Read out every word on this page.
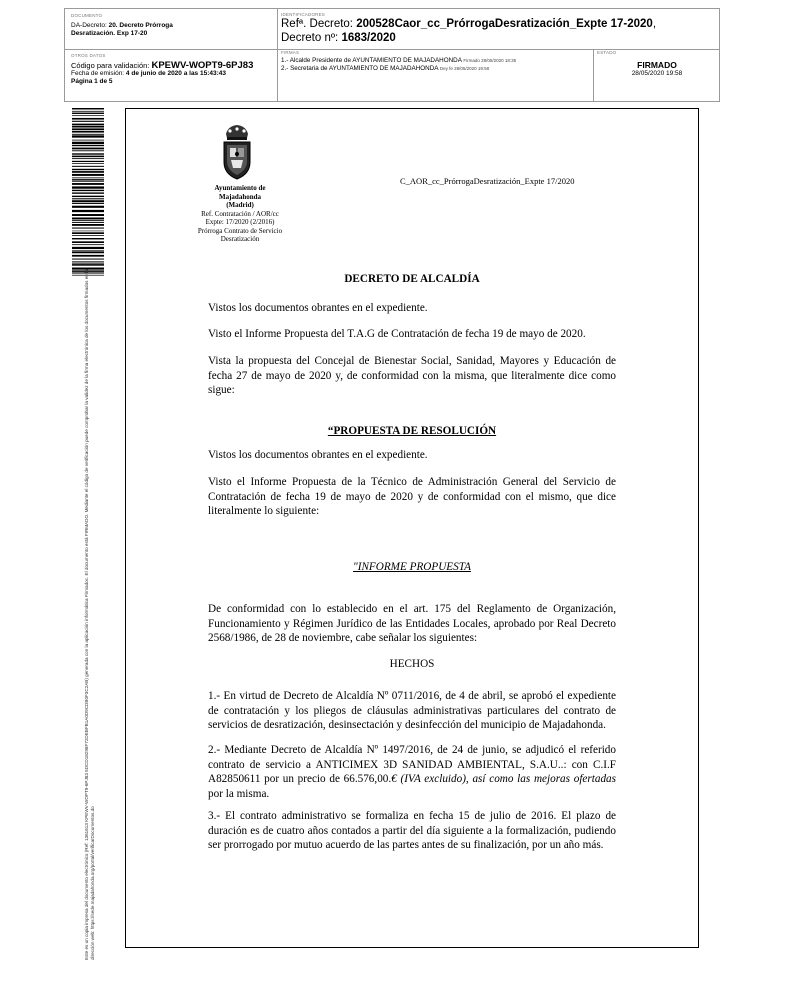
DOCUMENTO
DA-Decreto: 20. Decreto Prórroga
Desratización. Exp 17-20
IDENTIFICADORES
Refª. Decreto: 200528Caor_cc_PrórrogaDesratización_Expte 17-2020,
Decreto nº: 1683/2020
OTROS DATOS
Código para validación: KPEWV-WOPT9-6PJ83
Fecha de emisión: 4 de junio de 2020 a las 15:43:43
Página 1 de 5
FIRMAS
1.- Alcalde Presidente de AYUNTAMIENTO DE MAJADAHONDA Firmado 28/05/2020 18:35
2.- Secretaria de AYUNTAMIENTO DE MAJADAHONDA Dey fe 28/05/2020 19:58
ESTADO
FIRMADO
28/05/2020 19:58
Este es un copia impresa del documento electrónico (Ref: 1361613 KPEWV-WOPT9-6PJ83 5DCD18298F72DEBFB1A0D9CDB0F3C2AB) generada con la aplicación informática Firmadoc. El documento está FIRMADO. Mediante el código de verificación puede comprobar la validez de la firma electrónica de los documentos firmados en la dirección web: https://sede.majadahonda.org/portal/verificarDocumentos.do
Ayuntamiento de
Majadahonda
(Madrid)
Ref. Contratación / AOR/cc
Expte: 17/2020 (2/2016)
Prórroga Contrato de Servicio
Desratización
C_AOR_cc_PrórrogaDesratización_Expte 17/2020
DECRETO DE ALCALDÍA
Vistos los documentos obrantes en el expediente.
Visto el Informe Propuesta del T.A.G de Contratación de fecha 19 de mayo de 2020.
Vista la propuesta del Concejal de Bienestar Social, Sanidad, Mayores y Educación de fecha 27 de mayo de 2020 y, de conformidad con la misma, que literalmente dice como sigue:
“PROPUESTA DE RESOLUCIÓN
Vistos los documentos obrantes en el expediente.
Visto el Informe Propuesta de la Técnico de Administración General del Servicio de Contratación de fecha 19 de mayo de 2020 y de conformidad con el mismo, que dice literalmente lo siguiente:
"INFORME PROPUESTA
De conformidad con lo establecido en el art. 175 del Reglamento de Organización, Funcionamiento y Régimen Jurídico de las Entidades Locales, aprobado por Real Decreto 2568/1986, de 28 de noviembre, cabe señalar los siguientes:
HECHOS
1.- En virtud de Decreto de Alcaldía Nº 0711/2016, de 4 de abril, se aprobó el expediente de contratación y los pliegos de cláusulas administrativas particulares del contrato de servicios de desratización, desinsectación y desinfección del municipio de Majadahonda.
2.- Mediante Decreto de Alcaldía Nº 1497/2016, de 24 de junio, se adjudicó el referido contrato de servicio a ANTICIMEX 3D SANIDAD AMBIENTAL, S.A.U..: con C.I.F A82850611 por un precio de 66.576,00.€ (IVA excluido), así como las mejoras ofertadas por la misma.
3.- El contrato administrativo se formaliza en fecha 15 de julio de 2016. El plazo de duración es de cuatro años contados a partir del día siguiente a la formalización, pudiendo ser prorrogado por mutuo acuerdo de las partes antes de su finalización, por un año más.
